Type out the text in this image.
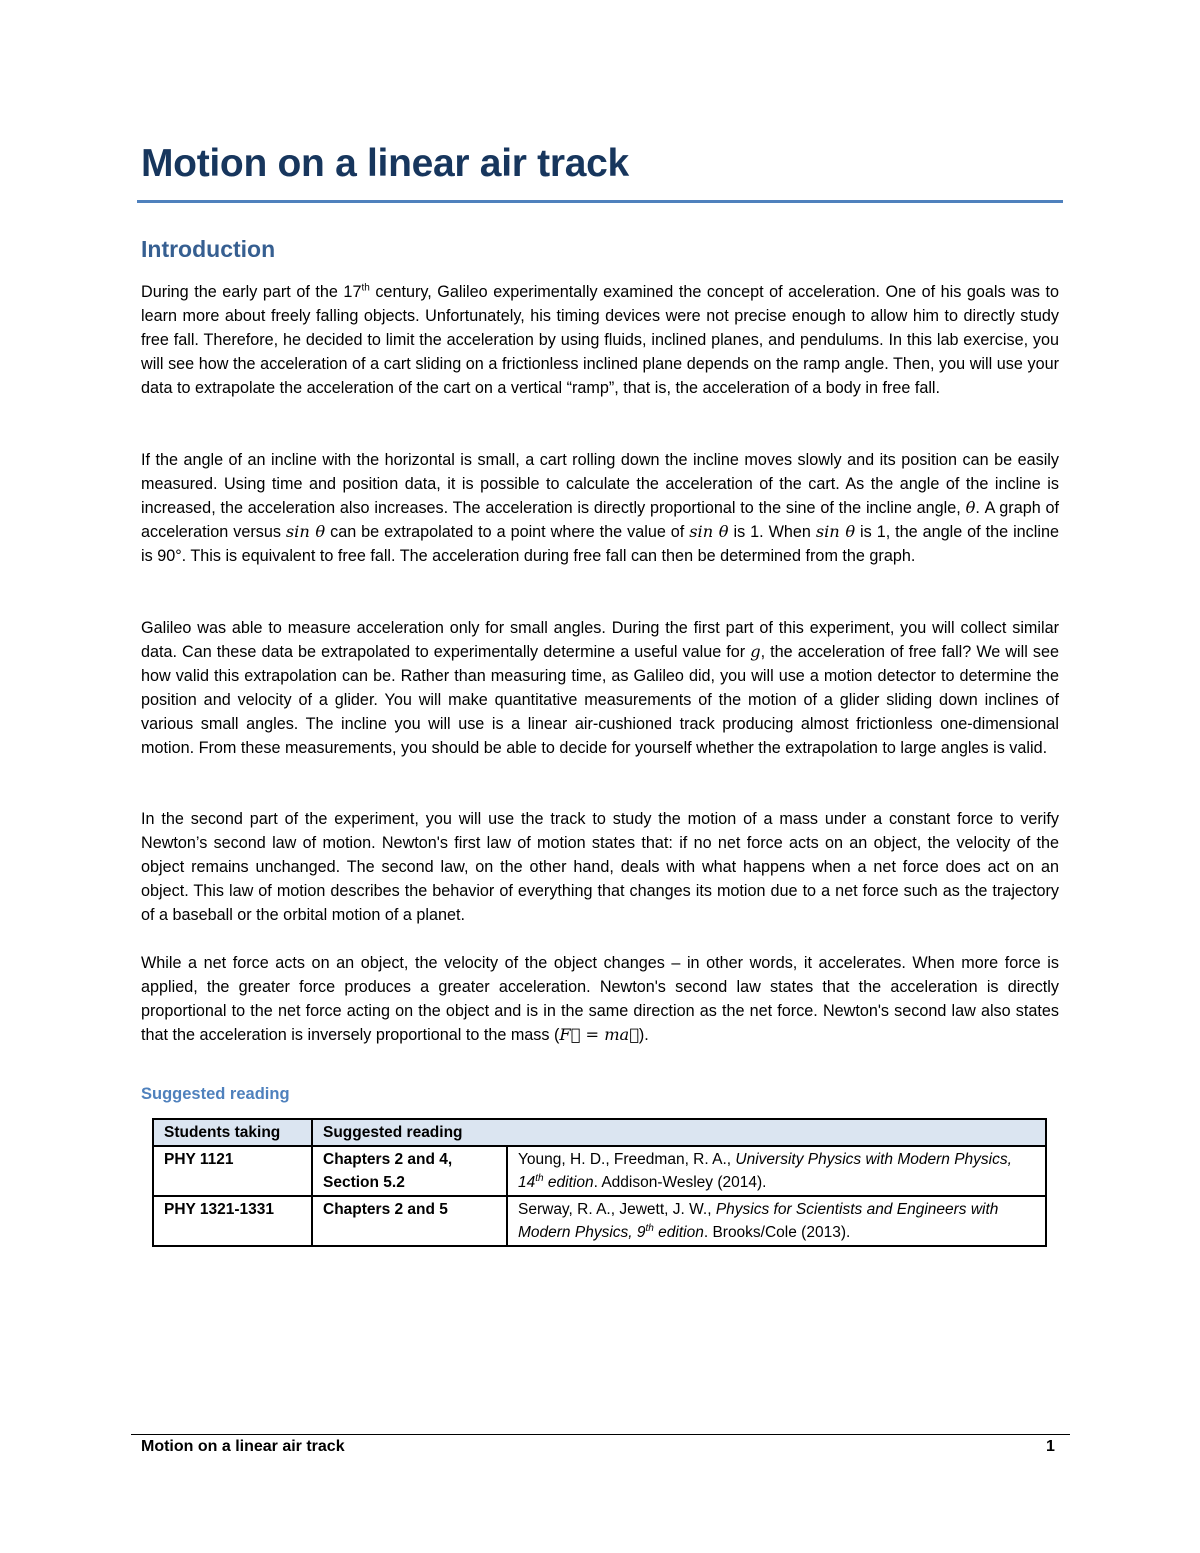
Motion on a linear air track
Introduction

During the early part of the 17th century, Galileo experimentally examined the concept of acceleration. One of his goals was to learn more about freely falling objects. Unfortunately, his timing devices were not precise enough to allow him to directly study free fall. Therefore, he decided to limit the acceleration by using fluids, inclined planes, and pendulums. In this lab exercise, you will see how the acceleration of a cart sliding on a frictionless inclined plane depends on the ramp angle. Then, you will use your data to extrapolate the acceleration of the cart on a vertical “ramp”, that is, the acceleration of a body in free fall.

If the angle of an incline with the horizontal is small, a cart rolling down the incline moves slowly and its position can be easily measured. Using time and position data, it is possible to calculate the acceleration of the cart. As the angle of the incline is increased, the acceleration also increases. The acceleration is directly proportional to the sine of the incline angle, θ. A graph of acceleration versus sin θ can be extrapolated to a point where the value of sin θ is 1. When sin θ is 1, the angle of the incline is 90°. This is equivalent to free fall. The acceleration during free fall can then be determined from the graph.

Galileo was able to measure acceleration only for small angles. During the first part of this experiment, you will collect similar data. Can these data be extrapolated to experimentally determine a useful value for g, the acceleration of free fall? We will see how valid this extrapolation can be. Rather than measuring time, as Galileo did, you will use a motion detector to determine the position and velocity of a glider. You will make quantitative measurements of the motion of a glider sliding down inclines of various small angles. The incline you will use is a linear air-cushioned track producing almost frictionless one-dimensional motion. From these measurements, you should be able to decide for yourself whether the extrapolation to large angles is valid.

In the second part of the experiment, you will use the track to study the motion of a mass under a constant force to verify Newton’s second law of motion. Newton's first law of motion states that: if no net force acts on an object, the velocity of the object remains unchanged. The second law, on the other hand, deals with what happens when a net force does act on an object. This law of motion describes the behavior of everything that changes its motion due to a net force such as the trajectory of a baseball or the orbital motion of a planet.

While a net force acts on an object, the velocity of the object changes – in other words, it accelerates. When more force is applied, the greater force produces a greater acceleration. Newton's second law states that the acceleration is directly proportional to the net force acting on the object and is in the same direction as the net force. Newton's second law also states that the acceleration is inversely proportional to the mass (F⃗ = ma⃗).

Suggested reading
Students taking	Suggested reading	
PHY 1121	Chapters 2 and 4, Section 5.2	Young, H. D., Freedman, R. A., University Physics with Modern Physics, 14th edition. Addison-Wesley (2014).
PHY 1321-1331	Chapters 2 and 5	Serway, R. A., Jewett, J. W., Physics for Scientists and Engineers with Modern Physics, 9th edition. Brooks/Cole (2013).
Motion on a linear air track	1
